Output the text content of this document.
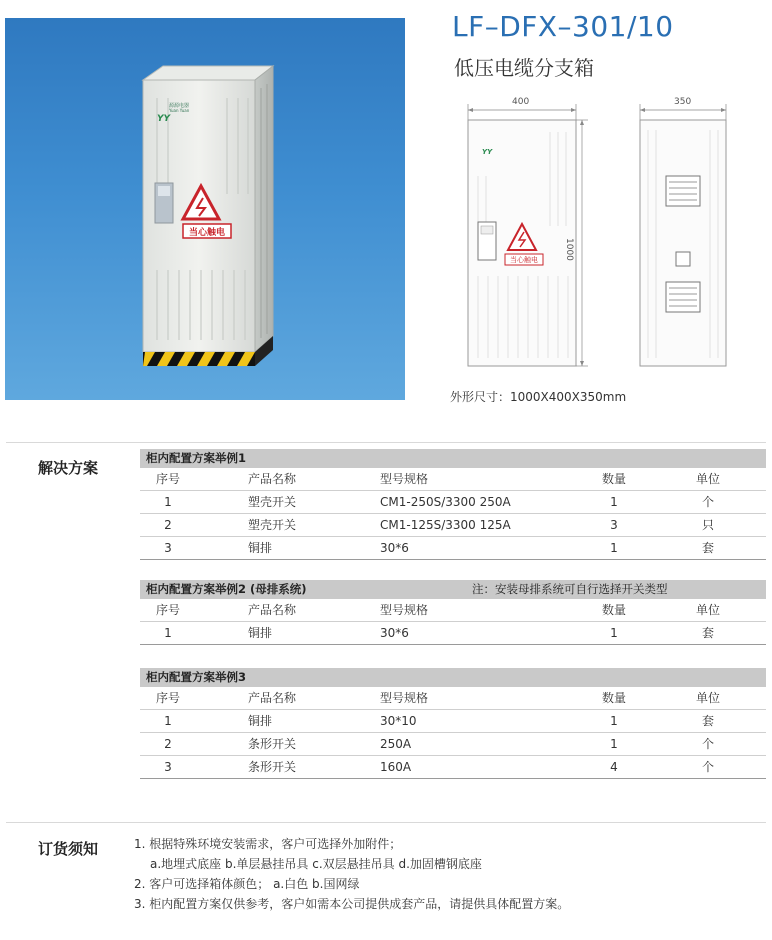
源源电器
Yuan Yuan
YY
当心触电
LF–DFX–301/10
低压电缆分支箱
400
1000
YY
当心触电
350
外形尺寸：1000X400X350mm
解决方案
柜内配置方案举例1
序号	产品名称	型号规格	数量	单位
1	塑壳开关	CM1-250S/3300 250A	1	个
2	塑壳开关	CM1-125S/3300 125A	3	只
3	铜排	30*6	1	套
柜内配置方案举例2 (母排系统)	注：安装母排系统可自行选择开关类型
序号	产品名称	型号规格	数量	单位
1	铜排	30*6	1	套
柜内配置方案举例3
序号	产品名称	型号规格	数量	单位
1	铜排	30*10	1	套
2	条形开关	250A	1	个
3	条形开关	160A	4	个
订货须知	1. 根据特殊环境安装需求，客户可选择外加附件；
a.地埋式底座 b.单层悬挂吊具 c.双层悬挂吊具 d.加固槽钢底座
2. 客户可选择箱体颜色； a.白色 b.国网绿
3. 柜内配置方案仅供参考，客户如需本公司提供成套产品，请提供具体配置方案。
